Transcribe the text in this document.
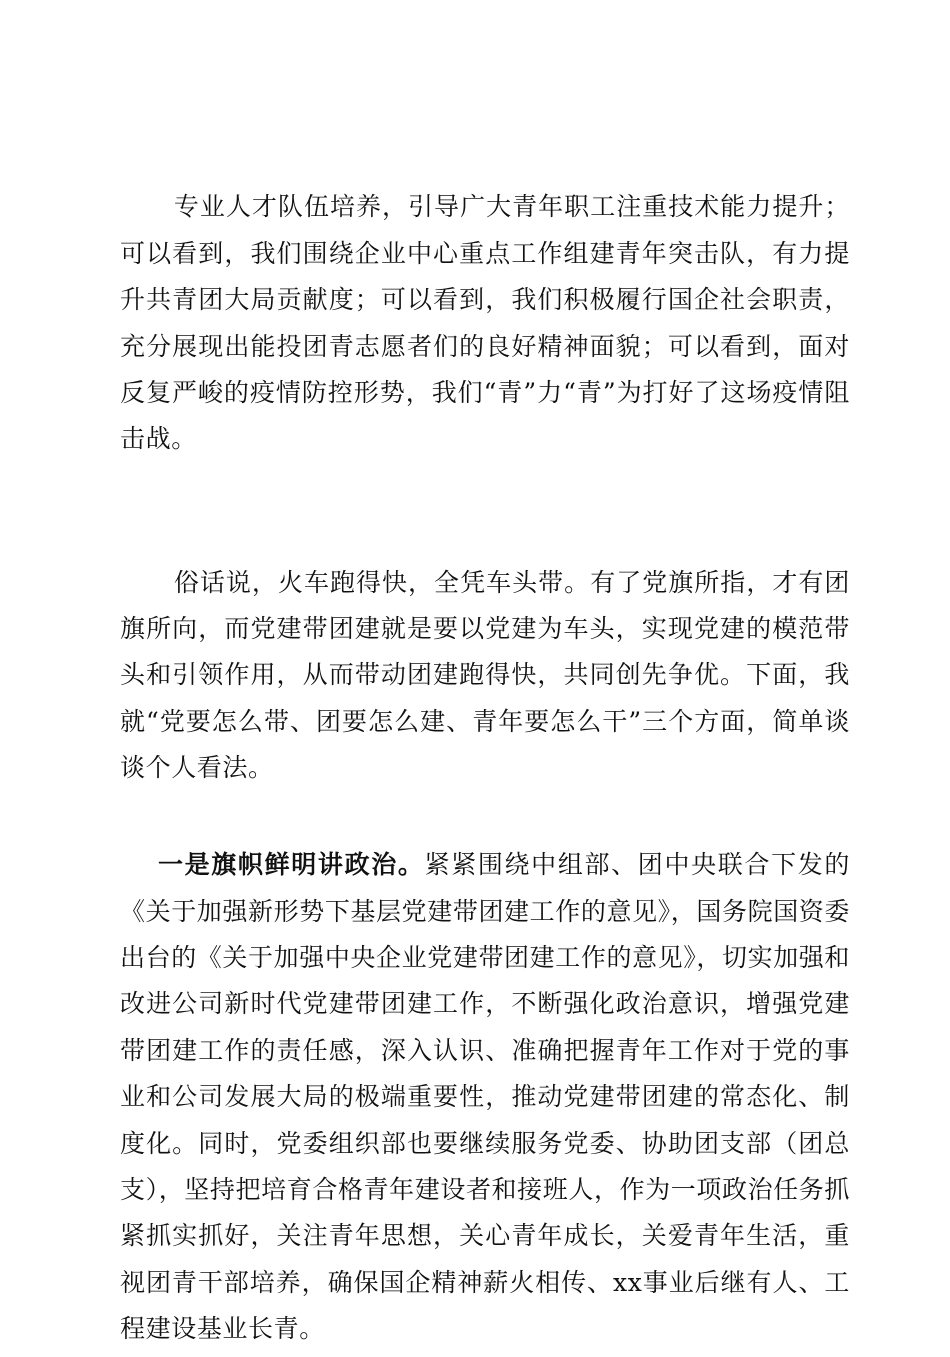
专业人才队伍培养，引导广大青年职工注重技术能力提升；可以看到，我们围绕企业中心重点工作组建青年突击队，有力提升共青团大局贡献度；可以看到，我们积极履行国企社会职责，充分展现出能投团青志愿者们的良好精神面貌；可以看到，面对反复严峻的疫情防控形势，我们“青”力“青”为打好了这场疫情阻击战。

俗话说，火车跑得快，全凭车头带。有了党旗所指，才有团旗所向，而党建带团建就是要以党建为车头，实现党建的模范带头和引领作用，从而带动团建跑得快，共同创先争优。下面，我就“党要怎么带、团要怎么建、青年要怎么干”三个方面，简单谈谈个人看法。

一是旗帜鲜明讲政治。紧紧围绕中组部、团中央联合下发的《关于加强新形势下基层党建带团建工作的意见》，国务院国资委出台的《关于加强中央企业党建带团建工作的意见》，切实加强和改进公司新时代党建带团建工作，不断强化政治意识，增强党建带团建工作的责任感，深入认识、准确把握青年工作对于党的事业和公司发展大局的极端重要性，推动党建带团建的常态化、制度化。同时，党委组织部也要继续服务党委、协助团支部（团总支），坚持把培育合格青年建设者和接班人，作为一项政治任务抓紧抓实抓好，关注青年思想，关心青年成长，关爱青年生活，重视团青干部培养，确保国企精神薪火相传、xx事业后继有人、工程建设基业长青。
